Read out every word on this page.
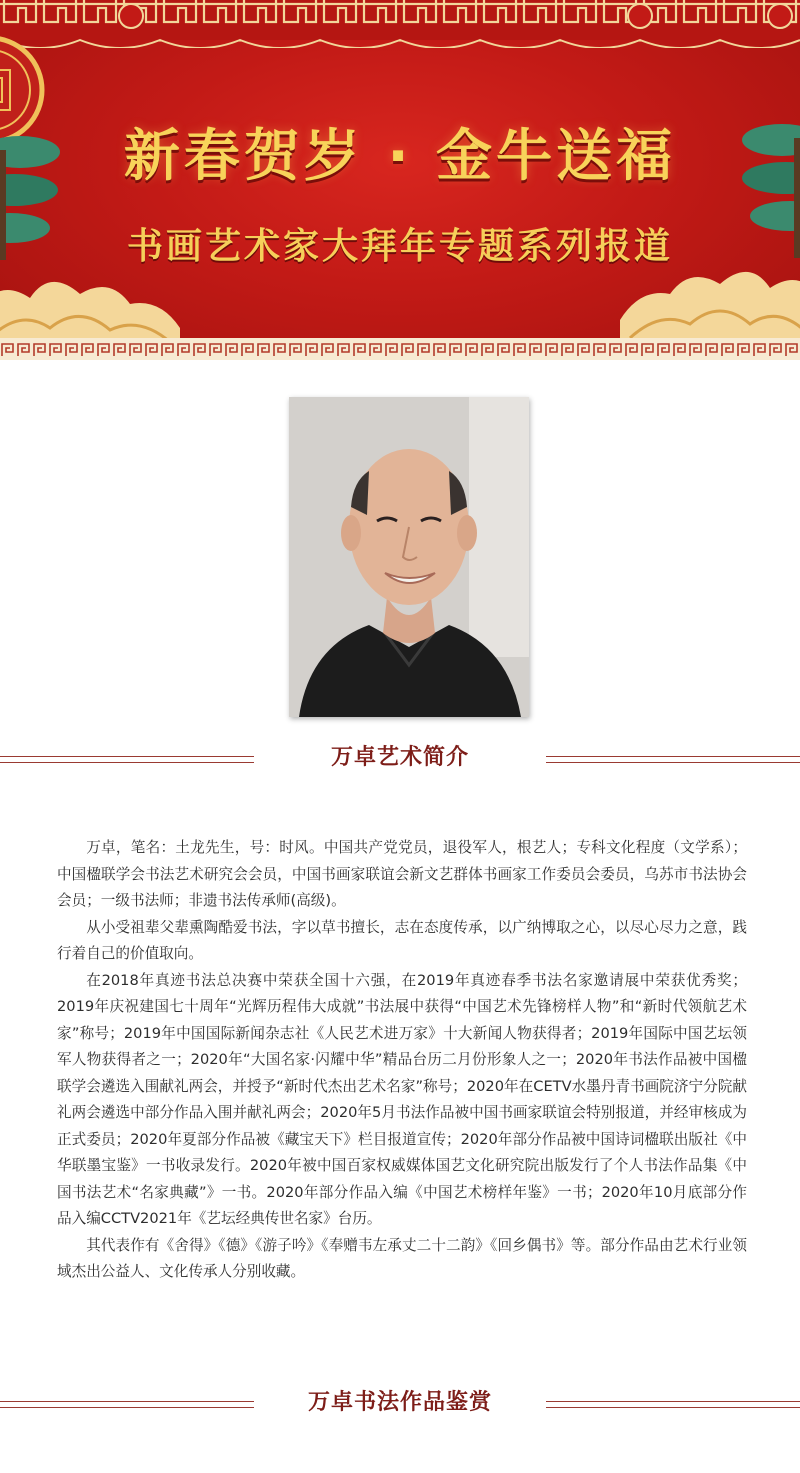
新春贺岁 · 金牛送福
书画艺术家大拜年专题系列报道
万卓艺术简介

万卓，笔名：土龙先生，号：时风。中国共产党党员，退役军人，根艺人；专科文化程度（文学系）；中国楹联学会书法艺术研究会会员，中国书画家联谊会新文艺群体书画家工作委员会委员，乌苏市书法协会会员；一级书法师；非遗书法传承师(高级)。

从小受祖辈父辈熏陶酷爱书法，字以草书擅长，志在态度传承，以广纳博取之心，以尽心尽力之意，践行着自己的价值取向。

在2018年真迹书法总决赛中荣获全国十六强，在2019年真迹春季书法名家邀请展中荣获优秀奖；2019年庆祝建国七十周年“光辉历程伟大成就”书法展中获得“中国艺术先锋榜样人物”和“新时代领航艺术家”称号；2019年中国国际新闻杂志社《人民艺术进万家》十大新闻人物获得者；2019年国际中国艺坛领军人物获得者之一；2020年“大国名家·闪耀中华”精品台历二月份形象人之一；2020年书法作品被中国楹联学会遴选入围献礼两会，并授予“新时代杰出艺术名家”称号；2020年在CETV水墨丹青书画院济宁分院献礼两会遴选中部分作品入围并献礼两会；2020年5月书法作品被中国书画家联谊会特别报道，并经审核成为正式委员；2020年夏部分作品被《藏宝天下》栏目报道宣传；2020年部分作品被中国诗词楹联出版社《中华联墨宝鉴》一书收录发行。2020年被中国百家权威媒体国艺文化研究院出版发行了个人书法作品集《中国书法艺术“名家典藏”》一书。2020年部分作品入编《中国艺术榜样年鉴》一书；2020年10月底部分作品入编CCTV2021年《艺坛经典传世名家》台历。

其代表作有《舍得》《德》《游子吟》《奉赠韦左承丈二十二韵》《回乡偶书》等。部分作品由艺术行业领域杰出公益人、文化传承人分别收藏。

万卓书法作品鉴赏
